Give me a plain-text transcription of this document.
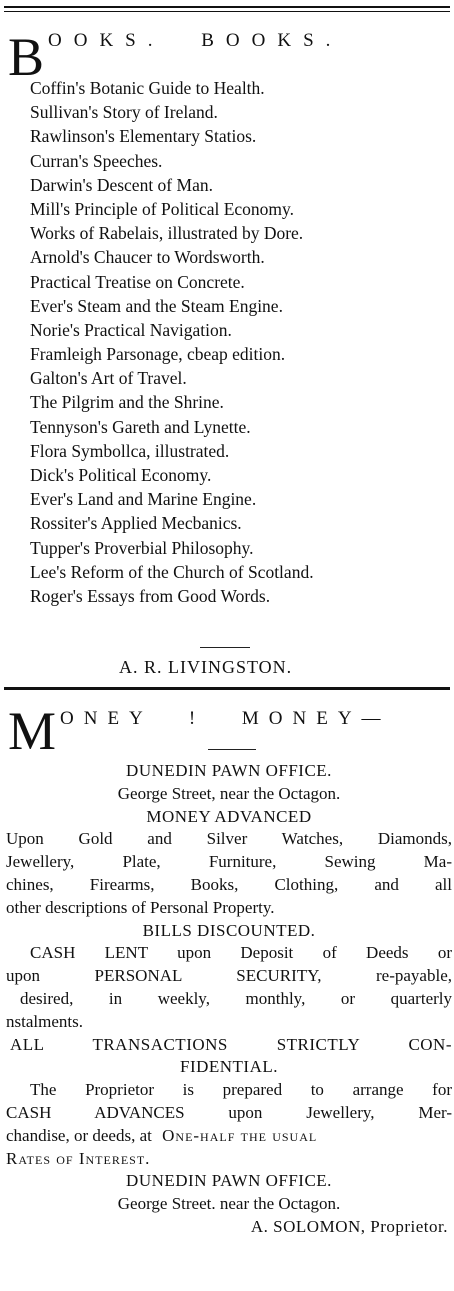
B OOKS. BOOKS.
Coffin's Botanic Guide to Health.
Sullivan's Story of Ireland.
Rawlinson's Elementary Statios.
Curran's Speeches.
Darwin's Descent of Man.
Mill's Principle of Political Economy.
Works of Rabelais, illustrated by Dore.
Arnold's Chaucer to Wordsworth.
Practical Treatise on Concrete.
Ever's Steam and the Steam Engine.
Norie's Practical Navigation.
Framleigh Parsonage, cbeap edition.
Galton's Art of Travel.
The Pilgrim and the Shrine.
Tennyson's Gareth and Lynette.
Flora Symbollca, illustrated.
Dick's Political Economy.
Ever's Land and Marine Engine.
Rossiter's Applied Mecbanics.
Tupper's Proverbial Philosophy.
Lee's Reform of the Church of Scotland.
Roger's Essays from Good Words.
A. R. LIVINGSTON.
M ONEY ! MONEY—
DUNEDIN PAWN OFFICE.
George Street, near the Octagon.
MONEY ADVANCED
Upon Gold and Silver Watches, Diamonds,
Jewellery, Plate, Furniture, Sewing Ma-
chines, Firearms, Books, Clothing, and all
other descriptions of Personal Property.
BILLS DISCOUNTED.
CASH LENT upon Deposit of Deeds or
upon PERSONAL SECURITY, re-payable,
desired, in weekly, monthly, or quarterly
nstalments.
ALL TRANSACTIONS STRICTLY CON-
FIDENTIAL.
The Proprietor is prepared to arrange for
CASH ADVANCES upon Jewellery, Mer-
chandise, or deeds, at One-half the usual
Rates of Interest.
DUNEDIN PAWN OFFICE.
George Street. near the Octagon.
A. SOLOMON, Proprietor.
